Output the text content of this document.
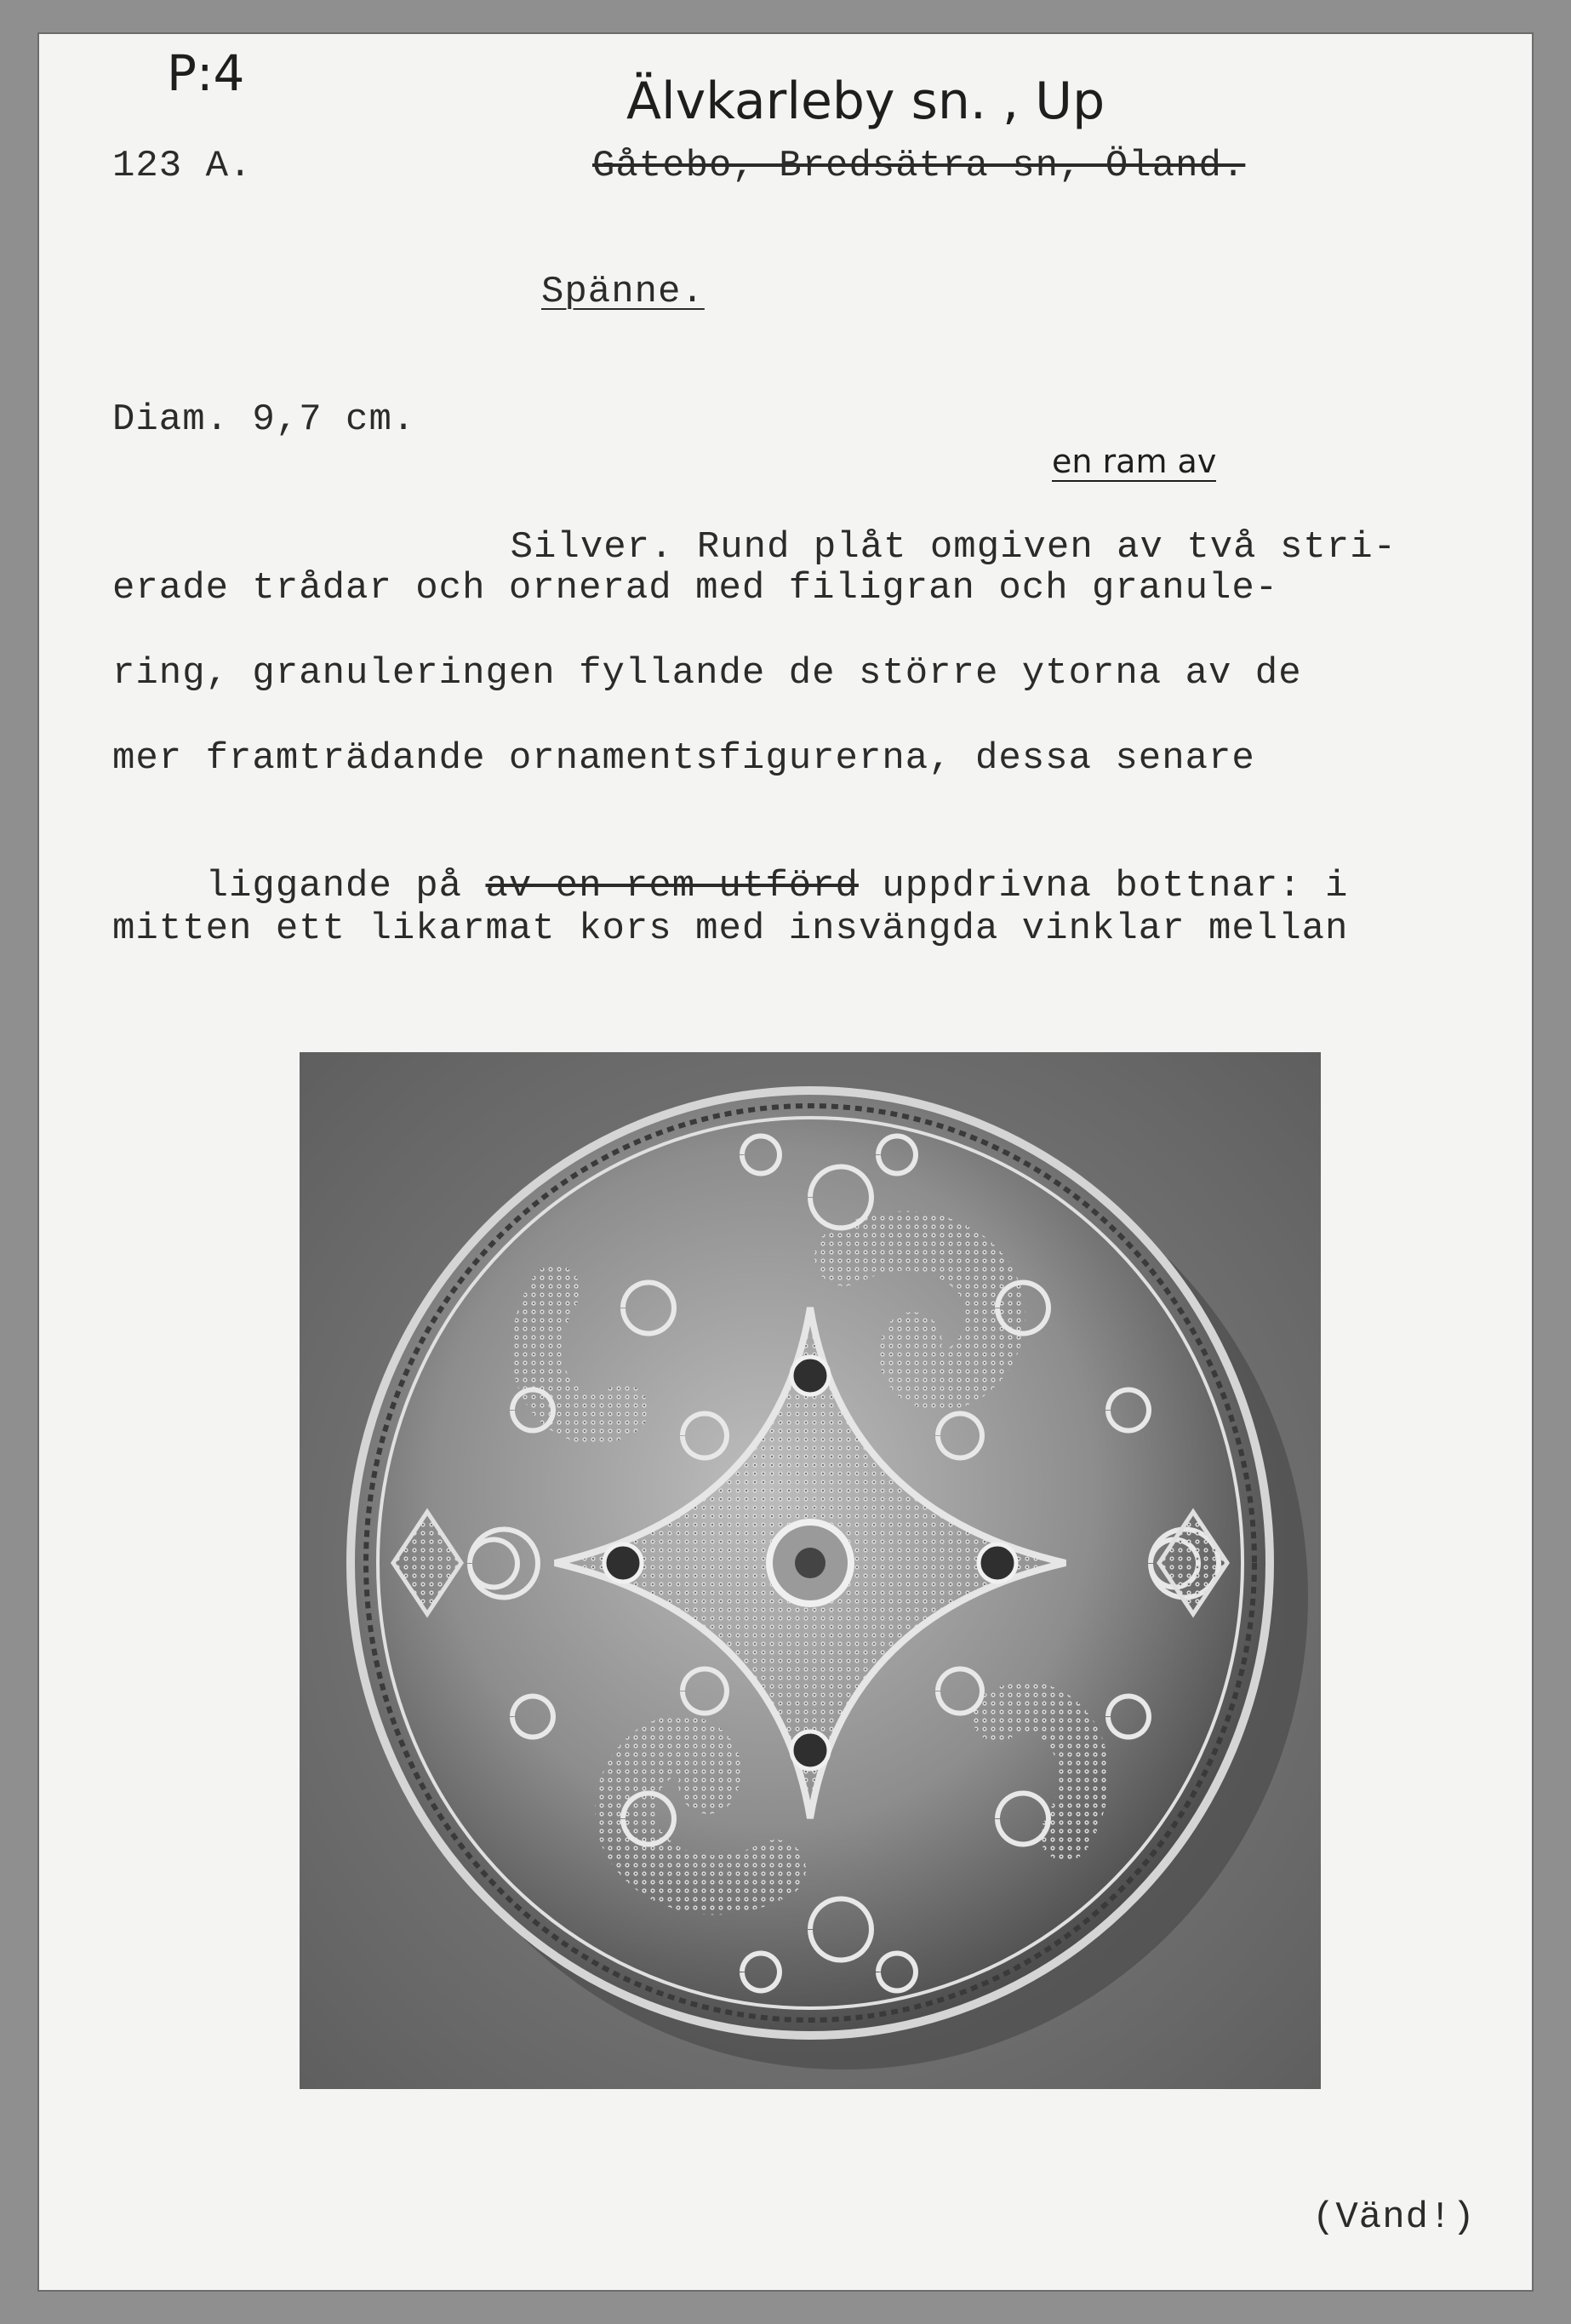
P:4
123 A.
Älvkarleby sn. , Up
Gåtebo, Bredsätra sn, Öland.
Spänne.
Diam. 9,7 cm.
en ram av

Silver. Rund plåt omgiven av två stri-

erade trådar och ornerad med filigran och granule-
ring, granuleringen fyllande de större ytorna av de
mer framträdande ornamentsfigurerna, dessa senare

liggande på av en rem utförd uppdrivna bottnar: i

mitten ett likarmat kors med insvängda vinklar mellan
(Vänd!)
